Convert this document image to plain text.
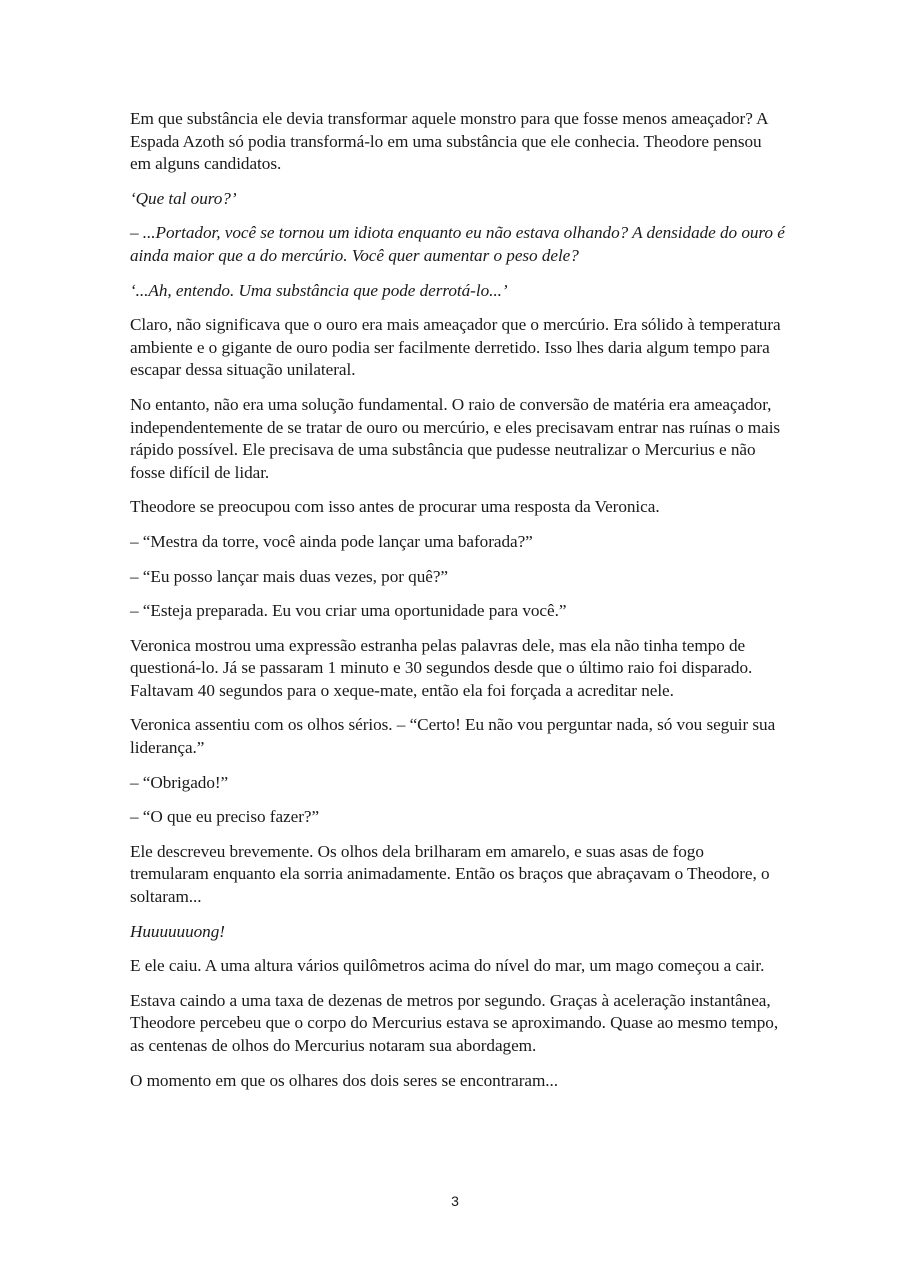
Em que substância ele devia transformar aquele monstro para que fosse menos ameaçador? A Espada Azoth só podia transformá-lo em uma substância que ele conhecia. Theodore pensou em alguns candidatos.

‘Que tal ouro?’

– ...Portador, você se tornou um idiota enquanto eu não estava olhando? A densidade do ouro é ainda maior que a do mercúrio. Você quer aumentar o peso dele?

‘...Ah, entendo. Uma substância que pode derrotá-lo...’

Claro, não significava que o ouro era mais ameaçador que o mercúrio. Era sólido à temperatura ambiente e o gigante de ouro podia ser facilmente derretido. Isso lhes daria algum tempo para escapar dessa situação unilateral.

No entanto, não era uma solução fundamental. O raio de conversão de matéria era ameaçador, independentemente de se tratar de ouro ou mercúrio, e eles precisavam entrar nas ruínas o mais rápido possível. Ele precisava de uma substância que pudesse neutralizar o Mercurius e não fosse difícil de lidar.

Theodore se preocupou com isso antes de procurar uma resposta da Veronica.

– “Mestra da torre, você ainda pode lançar uma baforada?”

– “Eu posso lançar mais duas vezes, por quê?”

– “Esteja preparada. Eu vou criar uma oportunidade para você.”

Veronica mostrou uma expressão estranha pelas palavras dele, mas ela não tinha tempo de questioná-lo. Já se passaram 1 minuto e 30 segundos desde que o último raio foi disparado. Faltavam 40 segundos para o xeque-mate, então ela foi forçada a acreditar nele.

Veronica assentiu com os olhos sérios. – “Certo! Eu não vou perguntar nada, só vou seguir sua liderança.”

– “Obrigado!”

– “O que eu preciso fazer?”

Ele descreveu brevemente. Os olhos dela brilharam em amarelo, e suas asas de fogo tremularam enquanto ela sorria animadamente. Então os braços que abraçavam o Theodore, o soltaram...

Huuuuuuong!

E ele caiu. A uma altura vários quilômetros acima do nível do mar, um mago começou a cair.

Estava caindo a uma taxa de dezenas de metros por segundo. Graças à aceleração instantânea, Theodore percebeu que o corpo do Mercurius estava se aproximando. Quase ao mesmo tempo, as centenas de olhos do Mercurius notaram sua abordagem.

O momento em que os olhares dos dois seres se encontraram...

3
